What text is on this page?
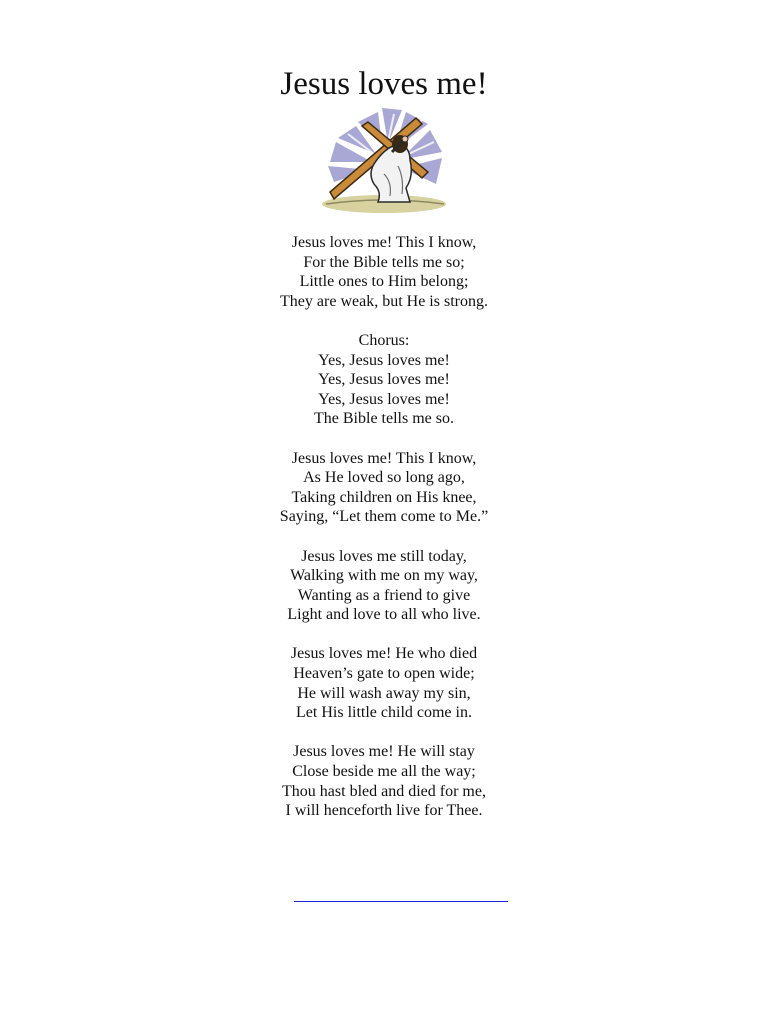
Jesus loves me!
Jesus loves me! This I know,
For the Bible tells me so;
Little ones to Him belong;
They are weak, but He is strong.
Chorus:
Yes, Jesus loves me!
Yes, Jesus loves me!
Yes, Jesus loves me!
The Bible tells me so.
Jesus loves me! This I know,
As He loved so long ago,
Taking children on His knee,
Saying, “Let them come to Me.”
Jesus loves me still today,
Walking with me on my way,
Wanting as a friend to give
Light and love to all who live.
Jesus loves me! He who died
Heaven’s gate to open wide;
He will wash away my sin,
Let His little child come in.
Jesus loves me! He will stay
Close beside me all the way;
Thou hast bled and died for me,
I will henceforth live for Thee.
